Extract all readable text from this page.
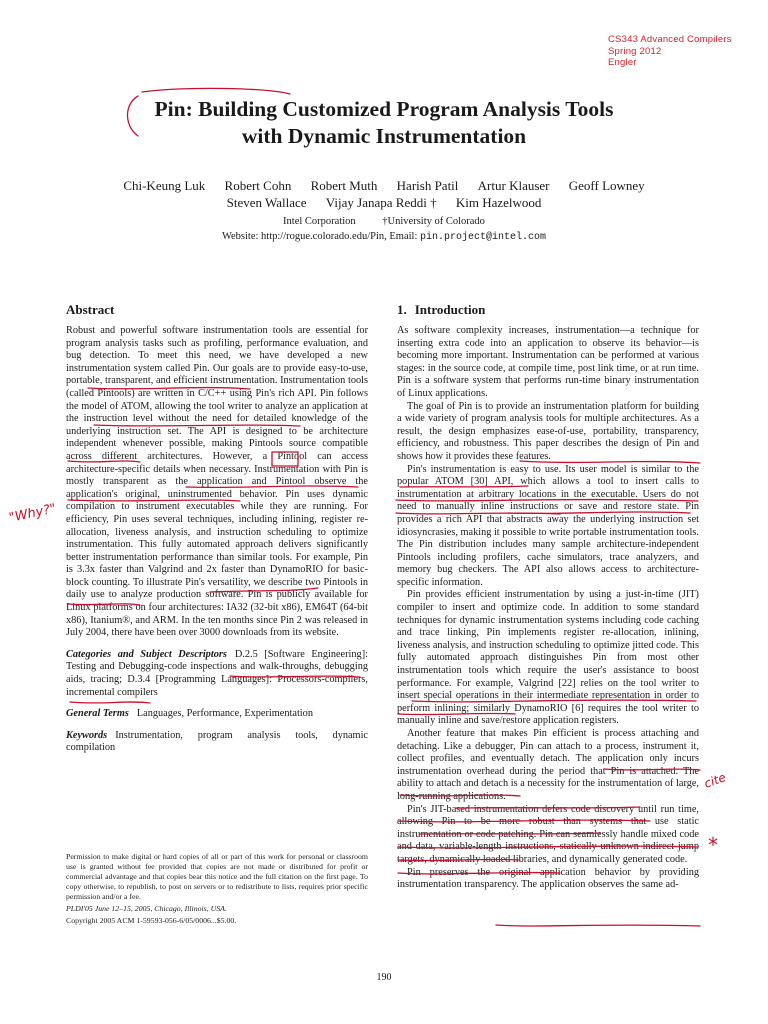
CS343 Advanced Compilers
Spring 2012
Engler
Pin: Building Customized Program Analysis Tools
with Dynamic Instrumentation
Chi-Keung Luk Robert Cohn Robert Muth Harish Patil Artur Klauser Geoff Lowney
Steven Wallace Vijay Janapa Reddi † Kim Hazelwood
Intel Corporation	†University of Colorado
Website: http://rogue.colorado.edu/Pin, Email: pin.project@intel.com
Abstract

Robust and powerful software instrumentation tools are essential for program analysis tasks such as profiling, performance evaluation, and bug detection. To meet this need, we have developed a new instrumentation system called Pin. Our goals are to provide easy-to-use, portable, transparent, and efficient instrumentation. Instrumentation tools (called Pintools) are written in C/C++ using Pin's rich API. Pin follows the model of ATOM, allowing the tool writer to analyze an application at the instruction level without the need for detailed knowledge of the underlying instruction set. The API is designed to be architecture independent whenever possible, making Pintools source compatible across different architectures. However, a Pintool can access architecture-specific details when necessary. Instrumentation with Pin is mostly transparent as the application and Pintool observe the application's original, uninstrumented behavior. Pin uses dynamic compilation to instrument executables while they are running. For efficiency, Pin uses several techniques, including inlining, register re-allocation, liveness analysis, and instruction scheduling to optimize instrumentation. This fully automated approach delivers significantly better instrumentation performance than similar tools. For example, Pin is 3.3x faster than Valgrind and 2x faster than DynamoRIO for basic-block counting. To illustrate Pin's versatility, we describe two Pintools in daily use to analyze production software. Pin is publicly available for Linux platforms on four architectures: IA32 (32-bit x86), EM64T (64-bit x86), Itanium®, and ARM. In the ten months since Pin 2 was released in July 2004, there have been over 3000 downloads from its website.

Categories and Subject Descriptors D.2.5 [Software Engineering]: Testing and Debugging-code inspections and walk-throughs, debugging aids, tracing; D.3.4 [Programming Languages]: Processors-compilers, incremental compilers

General Terms Languages, Performance, Experimentation

Keywords Instrumentation, program analysis tools, dynamic compilation

Permission to make digital or hard copies of all or part of this work for personal or classroom use is granted without fee provided that copies are not made or distributed for profit or commercial advantage and that copies bear this notice and the full citation on the first page. To copy otherwise, to republish, to post on servers or to redistribute to lists, requires prior specific permission and/or a fee.

PLDI'05 June 12–15, 2005, Chicago, Illinois, USA.

Copyright 2005 ACM 1-59593-056-6/05/0006...$5.00.

1. Introduction

As software complexity increases, instrumentation—a technique for inserting extra code into an application to observe its behavior—is becoming more important. Instrumentation can be performed at various stages: in the source code, at compile time, post link time, or at run time. Pin is a software system that performs run-time binary instrumentation of Linux applications.

The goal of Pin is to provide an instrumentation platform for building a wide variety of program analysis tools for multiple architectures. As a result, the design emphasizes ease-of-use, portability, transparency, efficiency, and robustness. This paper describes the design of Pin and shows how it provides these features.

Pin's instrumentation is easy to use. Its user model is similar to the popular ATOM [30] API, which allows a tool to insert calls to instrumentation at arbitrary locations in the executable. Users do not need to manually inline instructions or save and restore state. Pin provides a rich API that abstracts away the underlying instruction set idiosyncrasies, making it possible to write portable instrumentation tools. The Pin distribution includes many sample architecture-independent Pintools including profilers, cache simulators, trace analyzers, and memory bug checkers. The API also allows access to architecture-specific information.

Pin provides efficient instrumentation by using a just-in-time (JIT) compiler to insert and optimize code. In addition to some standard techniques for dynamic instrumentation systems including code caching and trace linking, Pin implements register re-allocation, inlining, liveness analysis, and instruction scheduling to optimize jitted code. This fully automated approach distinguishes Pin from most other instrumentation tools which require the user's assistance to boost performance. For example, Valgrind [22] relies on the tool writer to insert special operations in their intermediate representation in order to perform inlining; similarly DynamoRIO [6] requires the tool writer to manually inline and save/restore application registers.

Another feature that makes Pin efficient is process attaching and detaching. Like a debugger, Pin can attach to a process, instrument it, collect profiles, and eventually detach. The application only incurs instrumentation overhead during the period that Pin is attached. The ability to attach and detach is a necessity for the instrumentation of large, long-running applications.

Pin's JIT-based instrumentation defers code discovery until run time, allowing Pin to be more robust than systems that use static instrumentation or code patching. Pin can seamlessly handle mixed code and data, variable-length instructions, statically unknown indirect jump targets, dynamically loaded libraries, and dynamically generated code.

Pin preserves the original application behavior by providing instrumentation transparency. The application observes the same ad-

190
"Why?"
cite
*
